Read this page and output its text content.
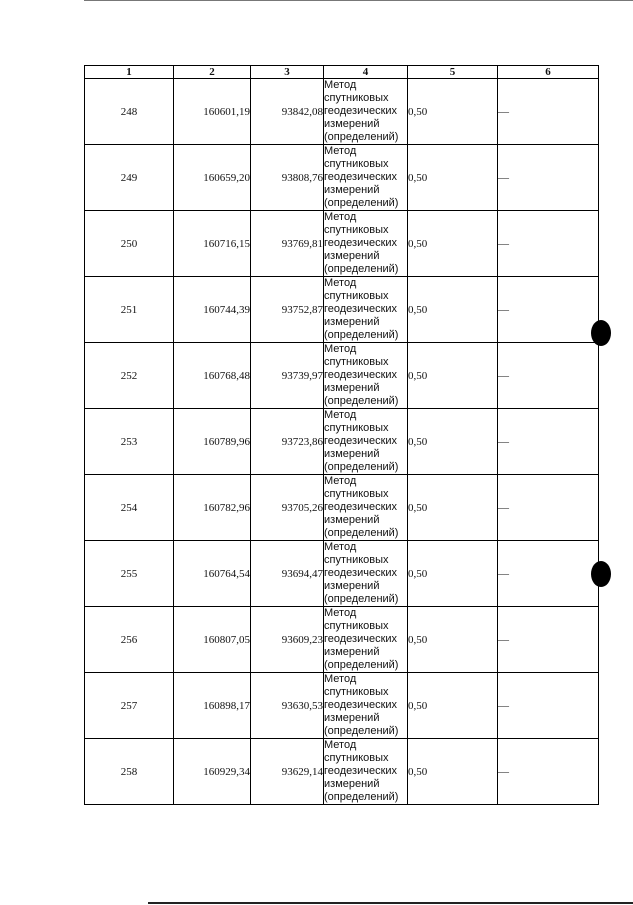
1	2	3	4	5	6
248	160601,19	93842,08	Метод
спутниковых
геодезических
измерений
(определений)	0,50	—
249	160659,20	93808,76	Метод
спутниковых
геодезических
измерений
(определений)	0,50	—
250	160716,15	93769,81	Метод
спутниковых
геодезических
измерений
(определений)	0,50	—
251	160744,39	93752,87	Метод
спутниковых
геодезических
измерений
(определений)	0,50	—
252	160768,48	93739,97	Метод
спутниковых
геодезических
измерений
(определений)	0,50	—
253	160789,96	93723,86	Метод
спутниковых
геодезических
измерений
(определений)	0,50	—
254	160782,96	93705,26	Метод
спутниковых
геодезических
измерений
(определений)	0,50	—
255	160764,54	93694,47	Метод
спутниковых
геодезических
измерений
(определений)	0,50	—
256	160807,05	93609,23	Метод
спутниковых
геодезических
измерений
(определений)	0,50	—
257	160898,17	93630,53	Метод
спутниковых
геодезических
измерений
(определений)	0,50	—
258	160929,34	93629,14	Метод
спутниковых
геодезических
измерений
(определений)	0,50	—
